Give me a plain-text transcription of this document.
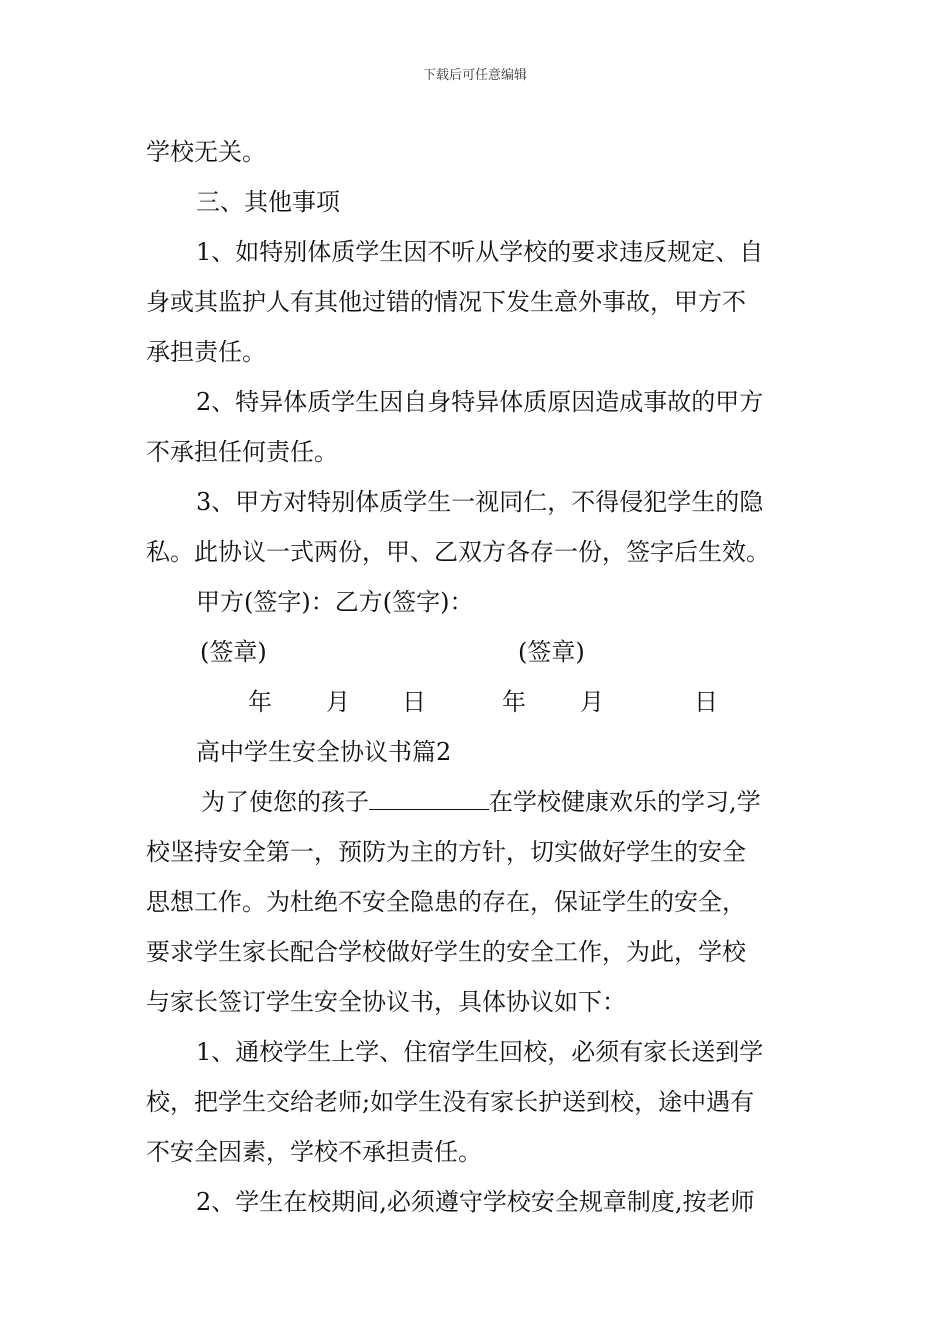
下载后可任意编辑
学校无关。
三、其他事项
1、如特别体质学生因不听从学校的要求违反规定、自
身或其监护人有其他过错的情况下发生意外事故，甲方不
承担责任。
2、特异体质学生因自身特异体质原因造成事故的甲方
不承担任何责任。
3、甲方对特别体质学生一视同仁，不得侵犯学生的隐
私。此协议一式两份，甲、乙双方各存一份，签字后生效。
甲方(签字)：乙方(签字)：
(签章)	(签章)
年 月 日	年 月	日
高中学生安全协议书篇2
为了使您的孩子	在学校健康欢乐的学习,学
校坚持安全第一，预防为主的方针，切实做好学生的安全
思想工作。为杜绝不安全隐患的存在，保证学生的安全，
要求学生家长配合学校做好学生的安全工作，为此，学校
与家长签订学生安全协议书，具体协议如下：
1、通校学生上学、住宿学生回校，必须有家长送到学
校，把学生交给老师;如学生没有家长护送到校，途中遇有
不安全因素，学校不承担责任。
2、学生在校期间,必须遵守学校安全规章制度,按老师
